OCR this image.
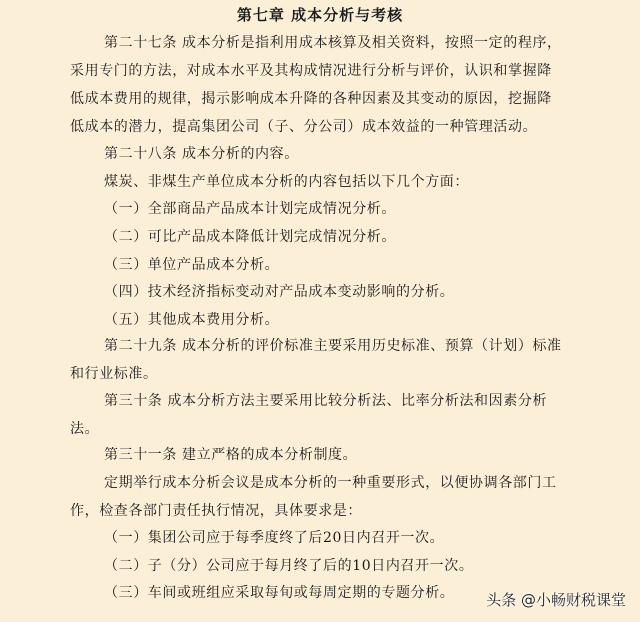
第七章 成本分析与考核
第二十七条 成本分析是指利用成本核算及相关资料，按照一定的程序，
采用专门的方法，对成本水平及其构成情况进行分析与评价，认识和掌握降
低成本费用的规律，揭示影响成本升降的各种因素及其变动的原因，挖掘降
低成本的潜力，提高集团公司（子、分公司）成本效益的一种管理活动。
第二十八条 成本分析的内容。
煤炭、非煤生产单位成本分析的内容包括以下几个方面：
（一）全部商品产品成本计划完成情况分析。
（二）可比产品成本降低计划完成情况分析。
（三）单位产品成本分析。
（四）技术经济指标变动对产品成本变动影响的分析。
（五）其他成本费用分析。
第二十九条 成本分析的评价标准主要采用历史标准、预算（计划）标准
和行业标准。
第三十条 成本分析方法主要采用比较分析法、比率分析法和因素分析
法。
第三十一条 建立严格的成本分析制度。
定期举行成本分析会议是成本分析的一种重要形式，以便协调各部门工
作，检查各部门责任执行情况，具体要求是：
（一）集团公司应于每季度终了后20日内召开一次。
（二）子（分）公司应于每月终了后的10日内召开一次。
（三）车间或班组应采取每旬或每周定期的专题分析。 头条 @小畅财税课堂
